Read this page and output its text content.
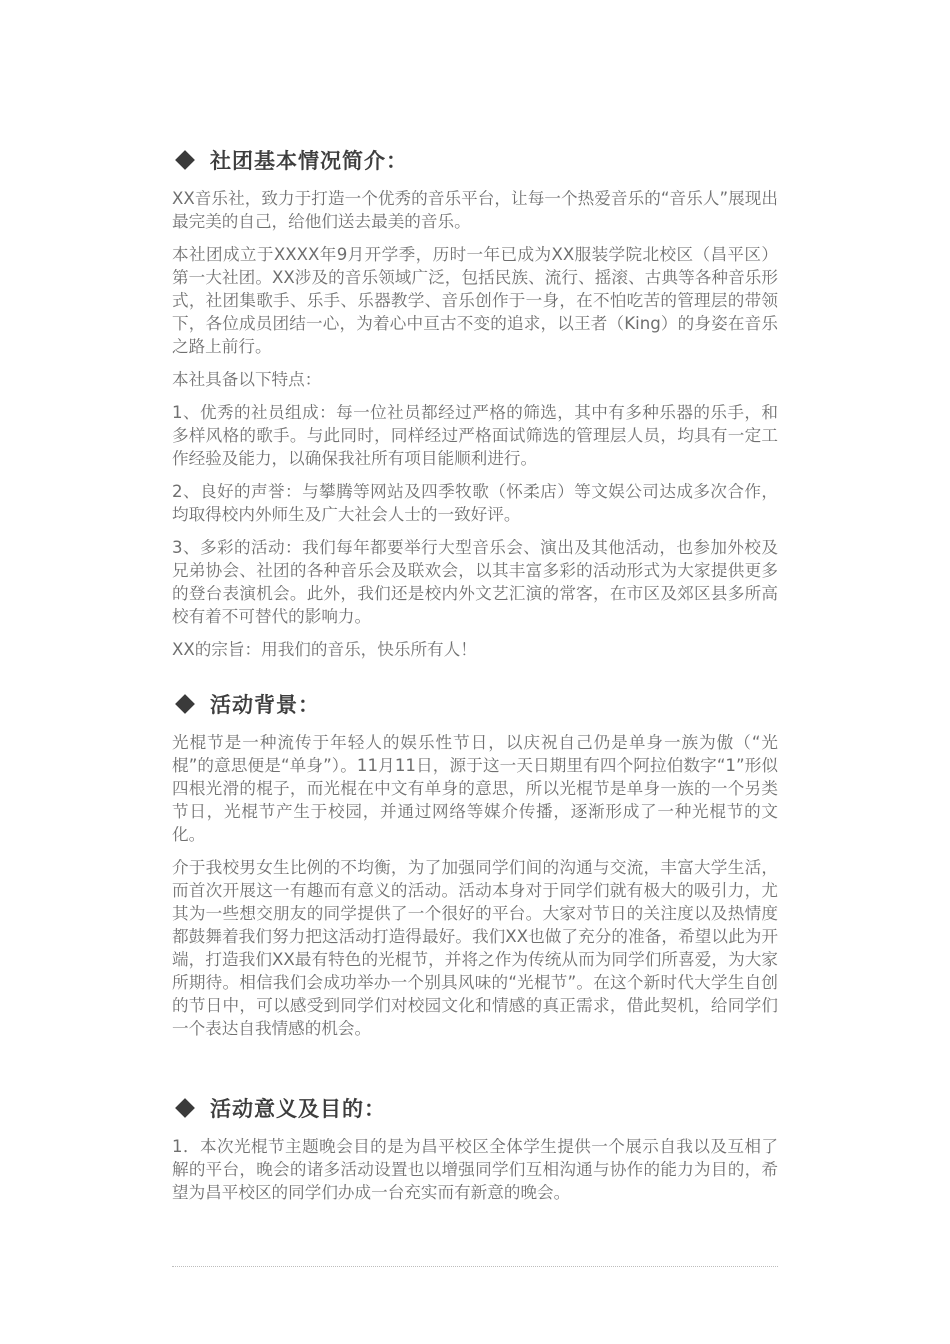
社团基本情况简介：

XX音乐社，致力于打造一个优秀的音乐平台，让每一个热爱音乐的“音乐人”展现出最完美的自己，给他们送去最美的音乐。

本社团成立于XXXX年9月开学季，历时一年已成为XX服装学院北校区（昌平区）第一大社团。XX涉及的音乐领域广泛，包括民族、流行、摇滚、古典等各种音乐形式，社团集歌手、乐手、乐器教学、音乐创作于一身，在不怕吃苦的管理层的带领下，各位成员团结一心，为着心中亘古不变的追求，以王者（King）的身姿在音乐之路上前行。

本社具备以下特点：

1、优秀的社员组成：每一位社员都经过严格的筛选，其中有多种乐器的乐手，和多样风格的歌手。与此同时，同样经过严格面试筛选的管理层人员，均具有一定工作经验及能力，以确保我社所有项目能顺利进行。

2、良好的声誉：与攀腾等网站及四季牧歌（怀柔店）等文娱公司达成多次合作，均取得校内外师生及广大社会人士的一致好评。

3、多彩的活动：我们每年都要举行大型音乐会、演出及其他活动，也参加外校及兄弟协会、社团的各种音乐会及联欢会，以其丰富多彩的活动形式为大家提供更多的登台表演机会。此外，我们还是校内外文艺汇演的常客，在市区及郊区县多所高校有着不可替代的影响力。

XX的宗旨：用我们的音乐，快乐所有人！

活动背景：

光棍节是一种流传于年轻人的娱乐性节日，以庆祝自己仍是单身一族为傲（“光棍”的意思便是“单身”）。11月11日，源于这一天日期里有四个阿拉伯数字“1”形似四根光滑的棍子，而光棍在中文有单身的意思，所以光棍节是单身一族的一个另类节日，光棍节产生于校园，并通过网络等媒介传播，逐渐形成了一种光棍节的文化。

介于我校男女生比例的不均衡，为了加强同学们间的沟通与交流，丰富大学生活，而首次开展这一有趣而有意义的活动。活动本身对于同学们就有极大的吸引力，尤其为一些想交朋友的同学提供了一个很好的平台。大家对节日的关注度以及热情度都鼓舞着我们努力把这活动打造得最好。我们XX也做了充分的准备，希望以此为开端，打造我们XX最有特色的光棍节，并将之作为传统从而为同学们所喜爱，为大家所期待。相信我们会成功举办一个别具风味的“光棍节”。在这个新时代大学生自创的节日中，可以感受到同学们对校园文化和情感的真正需求，借此契机，给同学们一个表达自我情感的机会。

活动意义及目的：

1．本次光棍节主题晚会目的是为昌平校区全体学生提供一个展示自我以及互相了解的平台，晚会的诸多活动设置也以增强同学们互相沟通与协作的能力为目的，希望为昌平校区的同学们办成一台充实而有新意的晚会。
